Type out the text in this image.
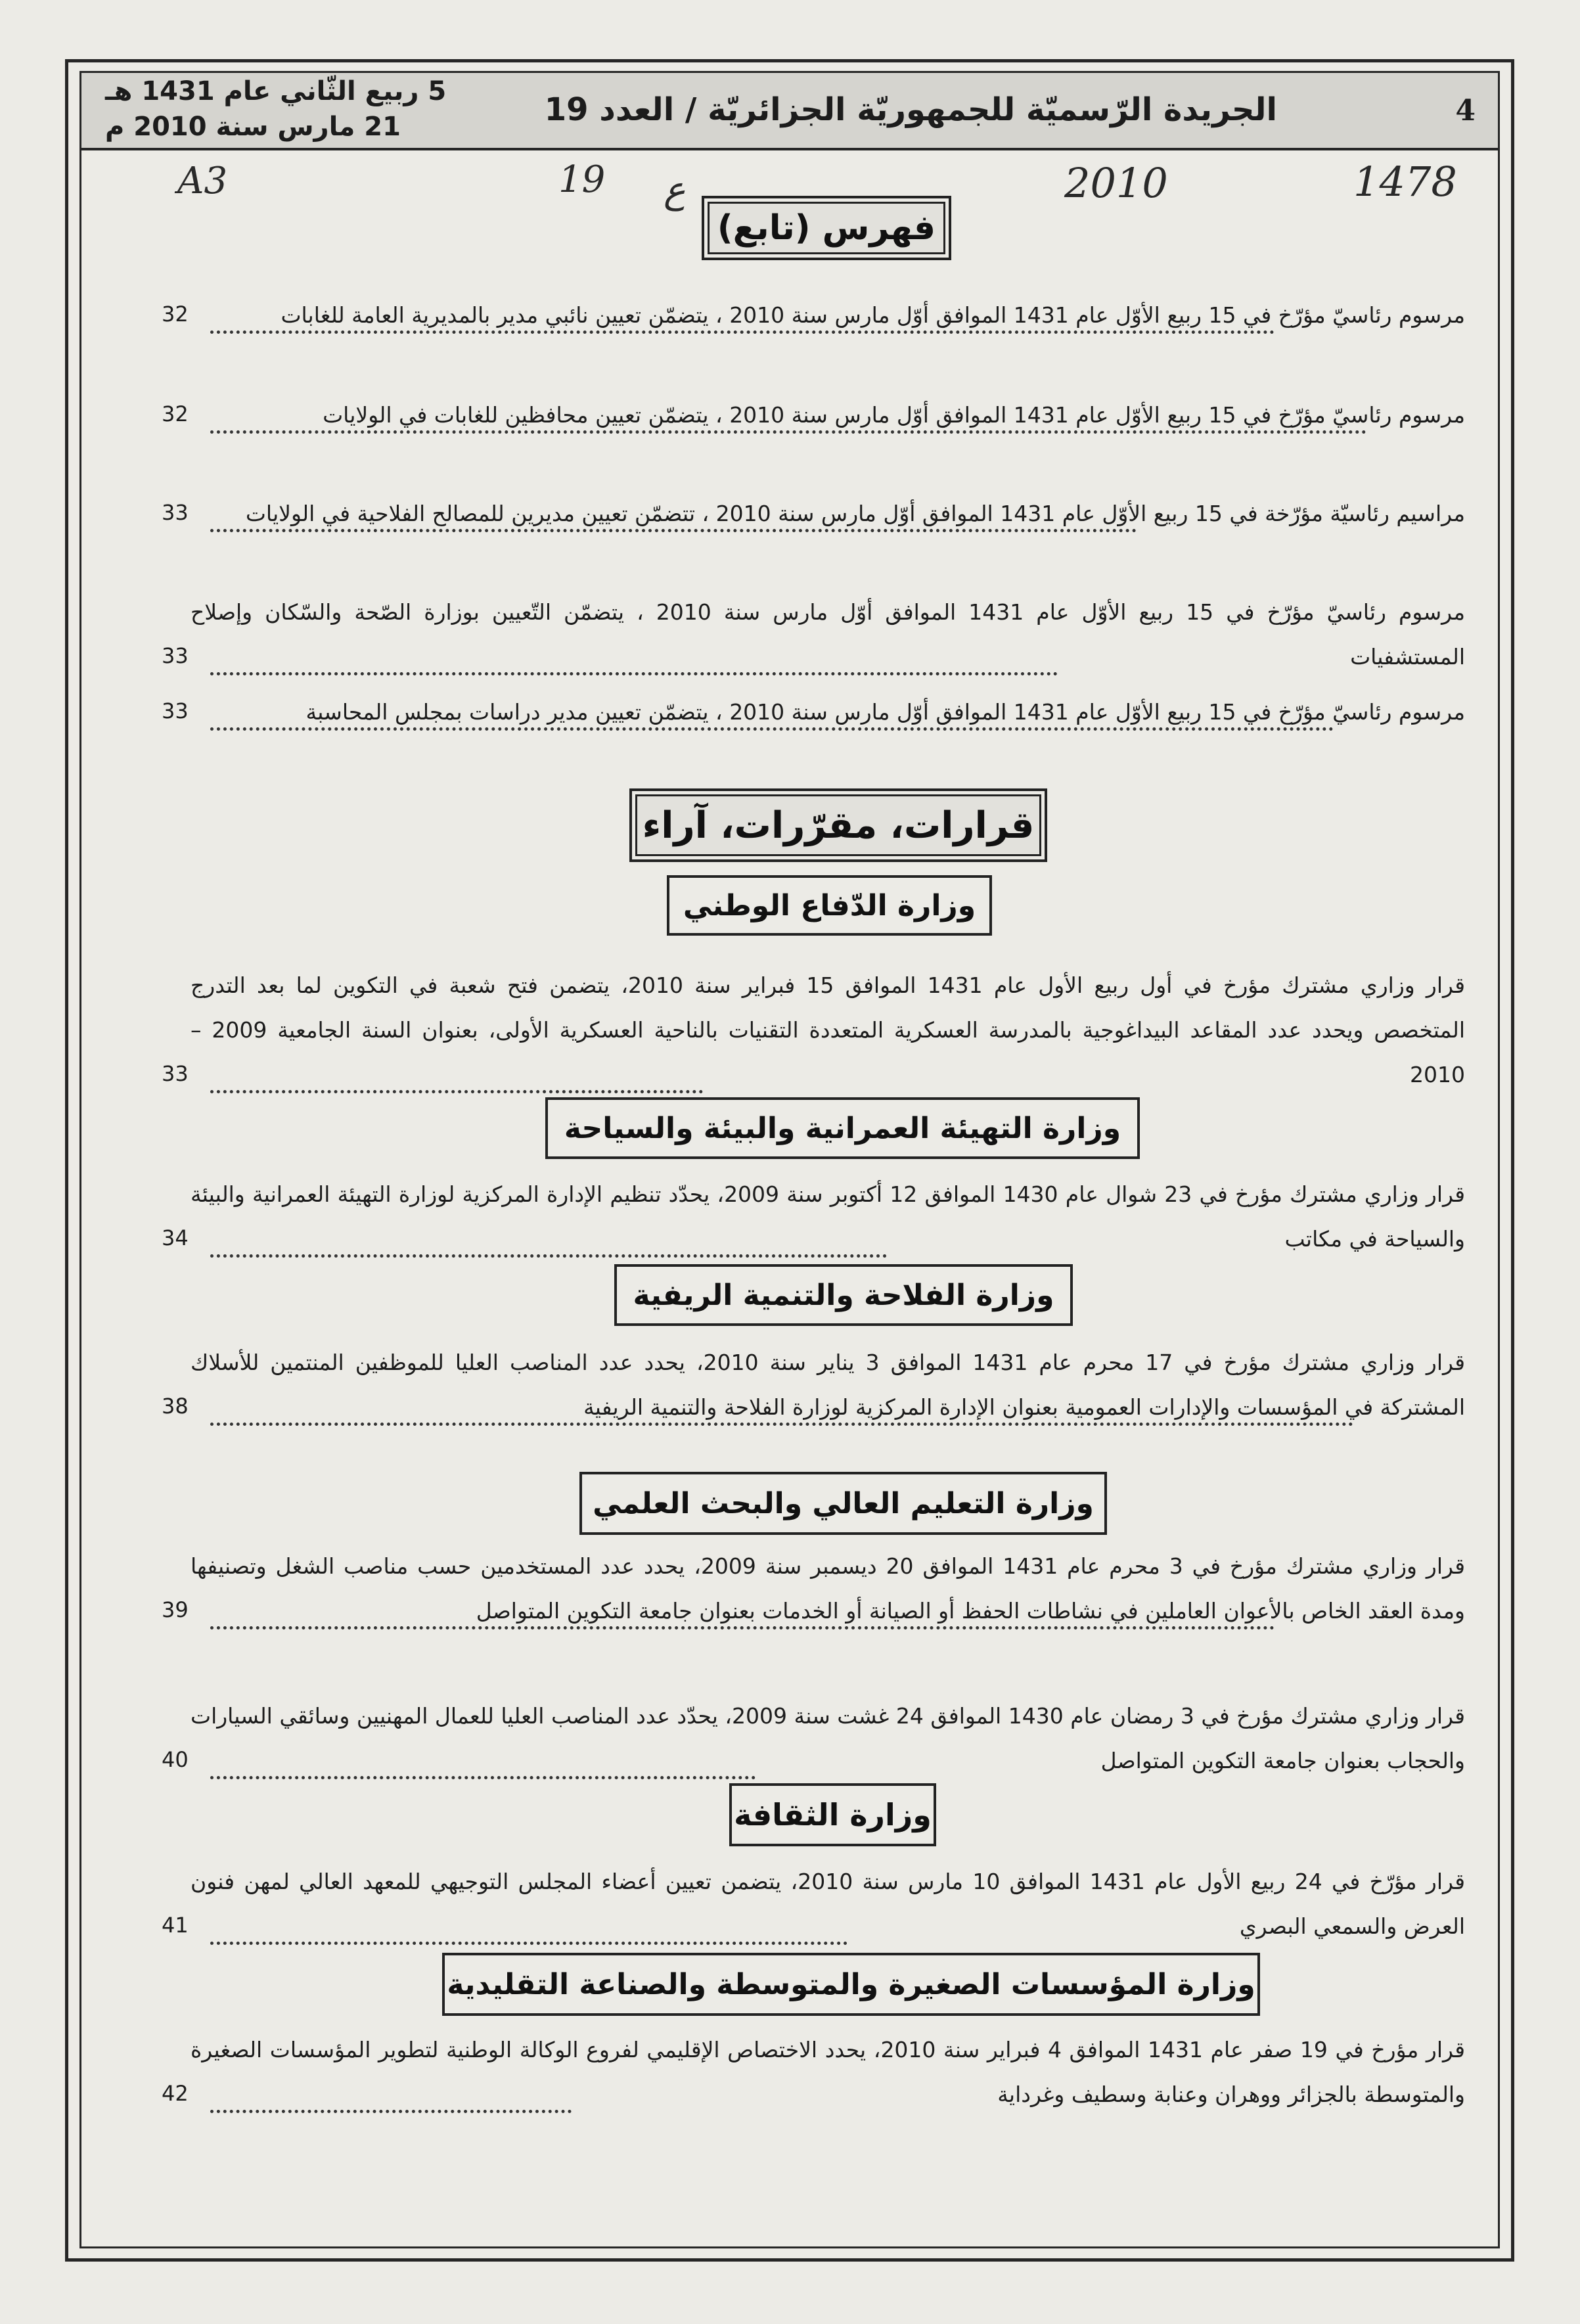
4
الجريدة الرّسميّة للجمهوريّة الجزائريّة / العدد 19
5 ربيع الثّاني عام 1431 هـ
21 مارس سنة 2010 م
A3	19 ع	2010	1478
فهرس (تابع)
مرسوم رئاسيّ مؤرّخ في 15 ربيع الأوّل عام 1431 الموافق أوّل مارس سنة 2010 ، يتضمّن تعيين نائبي مدير بالمديرية العامة للغابات
32
مرسوم رئاسيّ مؤرّخ في 15 ربيع الأوّل عام 1431 الموافق أوّل مارس سنة 2010 ، يتضمّن تعيين محافظين للغابات في الولايات
32
مراسيم رئاسيّة مؤرّخة في 15 ربيع الأوّل عام 1431 الموافق أوّل مارس سنة 2010 ، تتضمّن تعيين مديرين للمصالح الفلاحية في الولايات
33
مرسوم رئاسيّ مؤرّخ في 15 ربيع الأوّل عام 1431 الموافق أوّل مارس سنة 2010 ، يتضمّن التّعيين بوزارة الصّحة والسّكان وإصلاح المستشفيات
33
مرسوم رئاسيّ مؤرّخ في 15 ربيع الأوّل عام 1431 الموافق أوّل مارس سنة 2010 ، يتضمّن تعيين مدير دراسات بمجلس المحاسبة
33
قرارات، مقرّرات، آراء
وزارة الدّفاع الوطني
قرار وزاري مشترك مؤرخ في أول ربيع الأول عام 1431 الموافق 15 فبراير سنة 2010، يتضمن فتح شعبة في التكوين لما بعد التدرج المتخصص ويحدد عدد المقاعد البيداغوجية بالمدرسة العسكرية المتعددة التقنيات بالناحية العسكرية الأولى، بعنوان السنة الجامعية 2009 – 2010
33
وزارة التهيئة العمرانية والبيئة والسياحة
قرار وزاري مشترك مؤرخ في 23 شوال عام 1430 الموافق 12 أكتوبر سنة 2009، يحدّد تنظيم الإدارة المركزية لوزارة التهيئة العمرانية والبيئة والسياحة في مكاتب
34
وزارة الفلاحة والتنمية الريفية
قرار وزاري مشترك مؤرخ في 17 محرم عام 1431 الموافق 3 يناير سنة 2010، يحدد عدد المناصب العليا للموظفين المنتمين للأسلاك المشتركة في المؤسسات والإدارات العمومية بعنوان الإدارة المركزية لوزارة الفلاحة والتنمية الريفية
38
وزارة التعليم العالي والبحث العلمي
قرار وزاري مشترك مؤرخ في 3 محرم عام 1431 الموافق 20 ديسمبر سنة 2009، يحدد عدد المستخدمين حسب مناصب الشغل وتصنيفها ومدة العقد الخاص بالأعوان العاملين في نشاطات الحفظ أو الصيانة أو الخدمات بعنوان جامعة التكوين المتواصل
39
قرار وزاري مشترك مؤرخ في 3 رمضان عام 1430 الموافق 24 غشت سنة 2009، يحدّد عدد المناصب العليا للعمال المهنيين وسائقي السيارات والحجاب بعنوان جامعة التكوين المتواصل
40
وزارة الثقافة
قرار مؤرّخ في 24 ربيع الأول عام 1431 الموافق 10 مارس سنة 2010، يتضمن تعيين أعضاء المجلس التوجيهي للمعهد العالي لمهن فنون العرض والسمعي البصري
41
وزارة المؤسسات الصغيرة والمتوسطة والصناعة التقليدية
قرار مؤرخ في 19 صفر عام 1431 الموافق 4 فبراير سنة 2010، يحدد الاختصاص الإقليمي لفروع الوكالة الوطنية لتطوير المؤسسات الصغيرة والمتوسطة بالجزائر ووهران وعنابة وسطيف وغرداية
42
